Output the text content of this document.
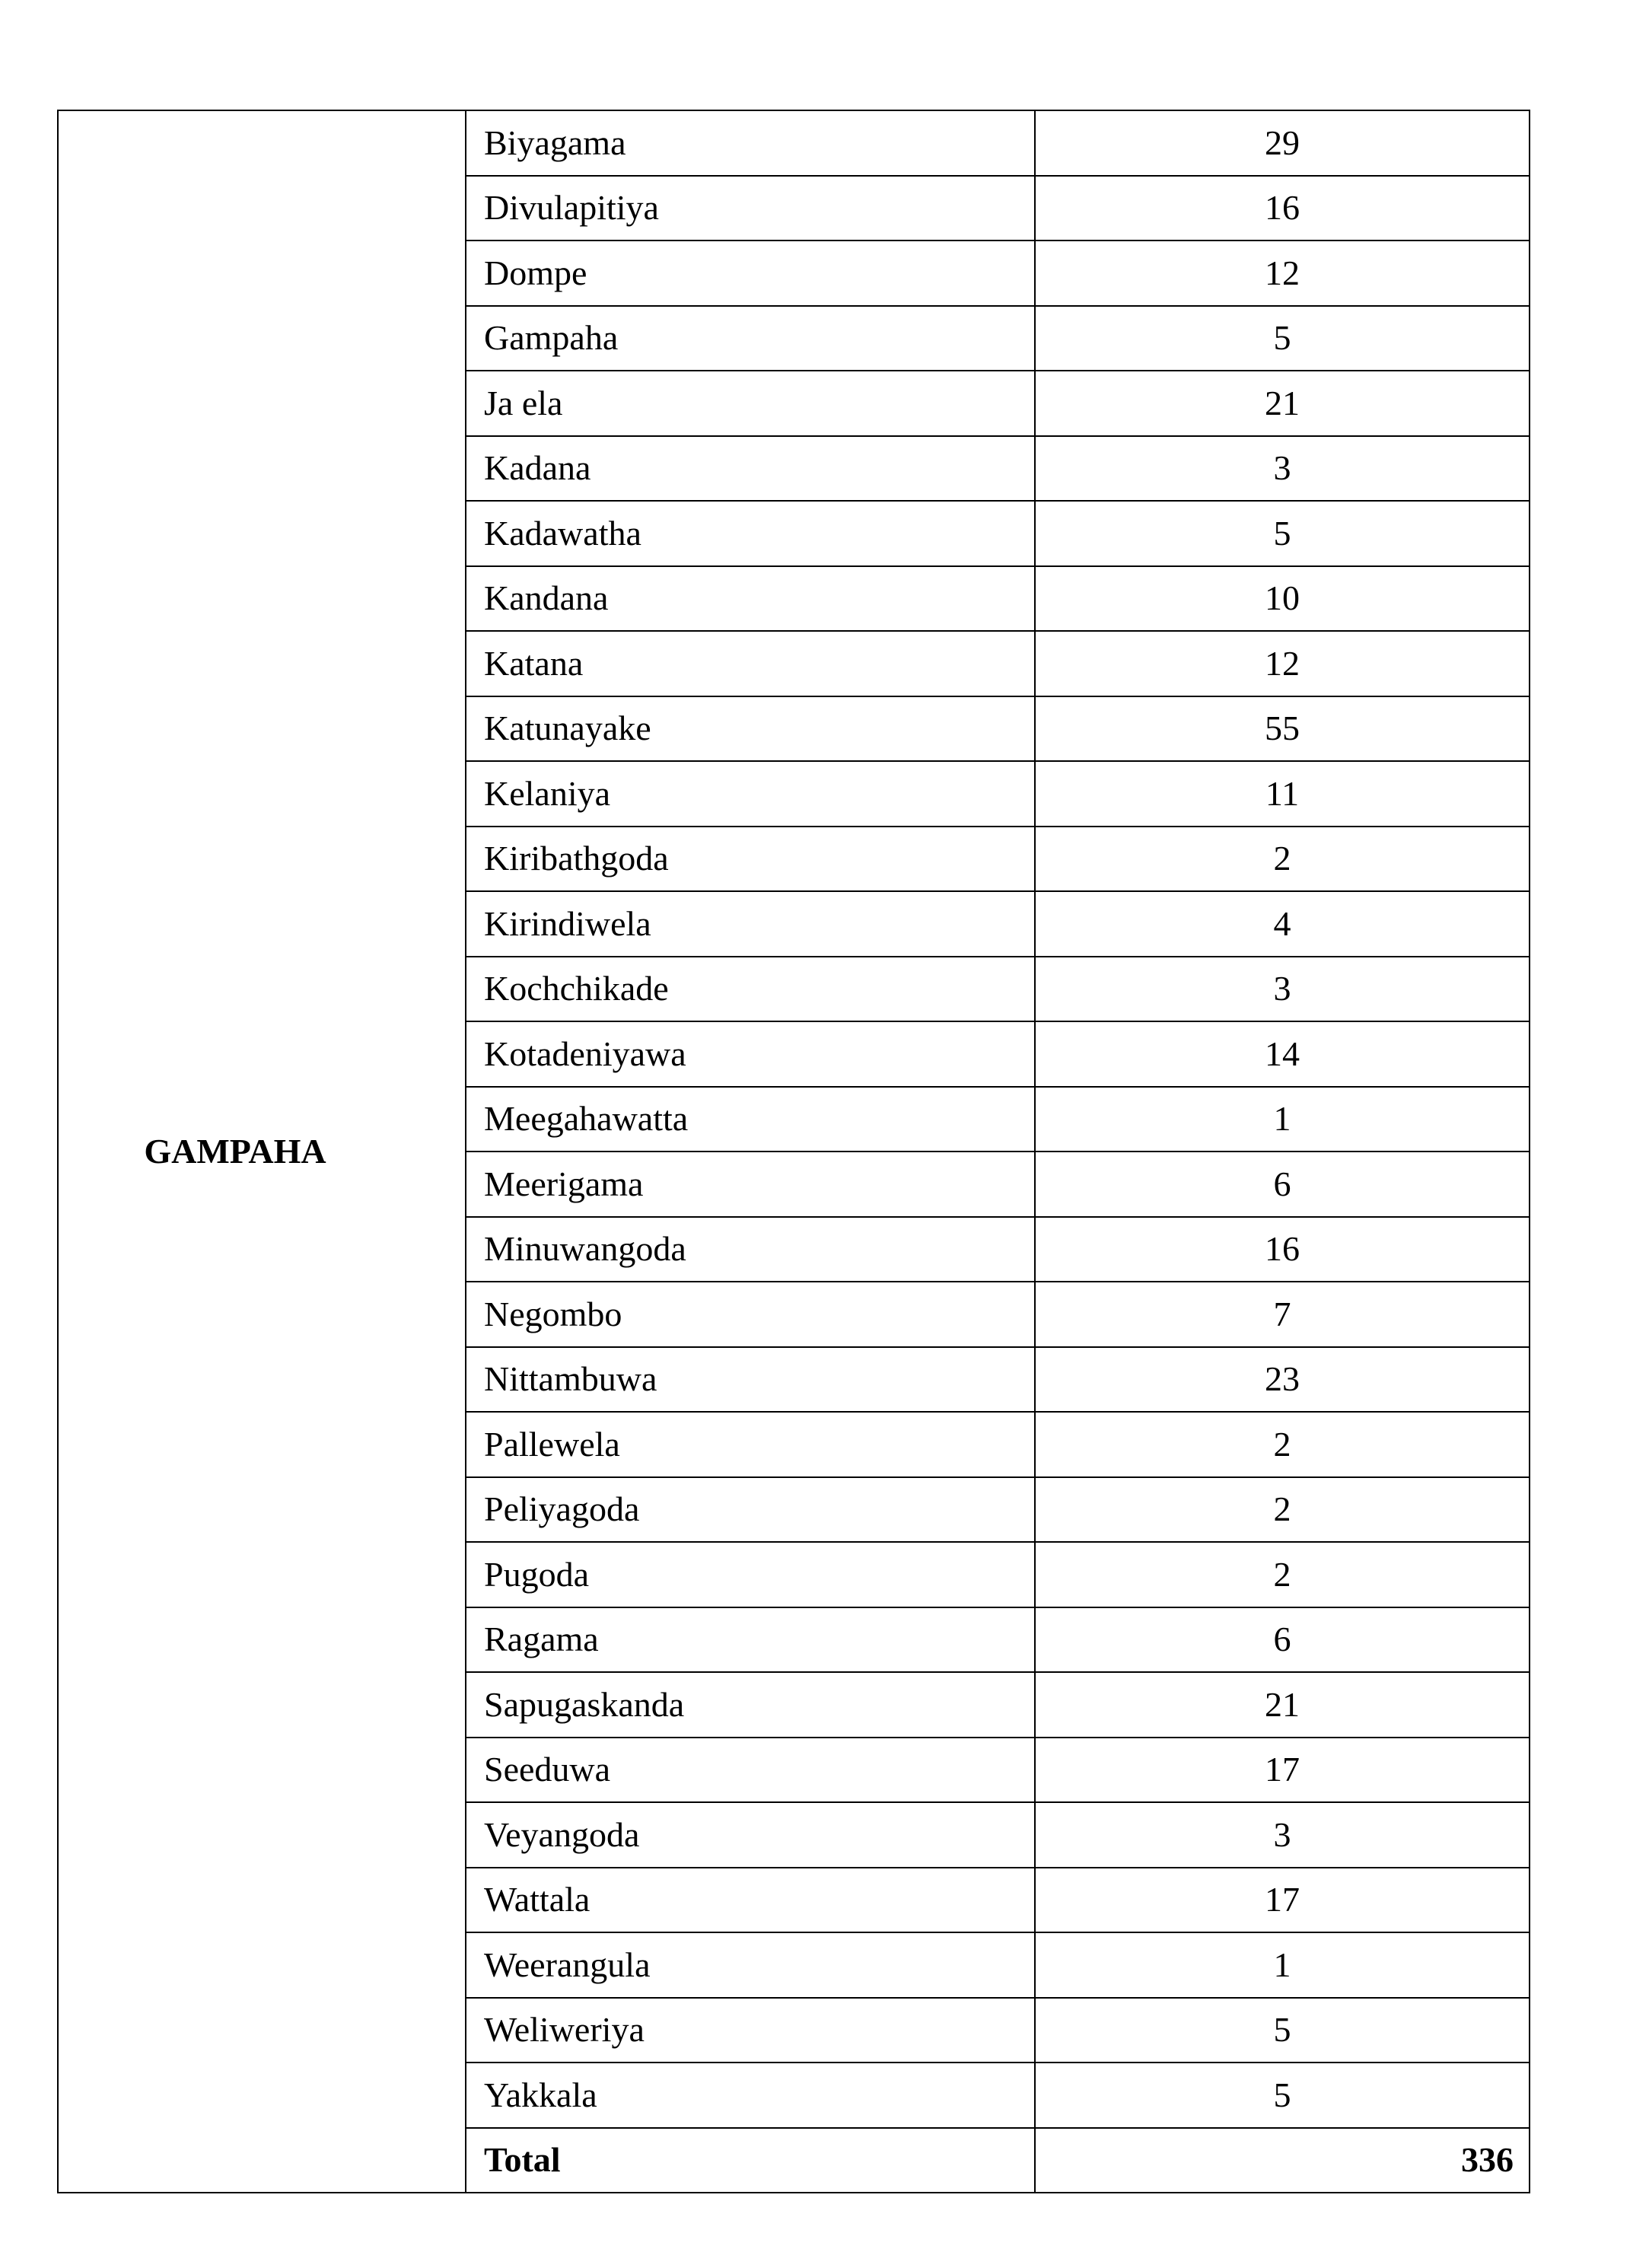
GAMPAHA	Biyagama	29
	Divulapitiya	16
	Dompe	12
	Gampaha	5
	Ja ela	21
	Kadana	3
	Kadawatha	5
	Kandana	10
	Katana	12
	Katunayake	55
	Kelaniya	11
	Kiribathgoda	2
	Kirindiwela	4
	Kochchikade	3
	Kotadeniyawa	14
	Meegahawatta	1
	Meerigama	6
	Minuwangoda	16
	Negombo	7
	Nittambuwa	23
	Pallewela	2
	Peliyagoda	2
	Pugoda	2
	Ragama	6
	Sapugaskanda	21
	Seeduwa	17
	Veyangoda	3
	Wattala	17
	Weerangula	1
	Weliweriya	5
	Yakkala	5
	Total	336
